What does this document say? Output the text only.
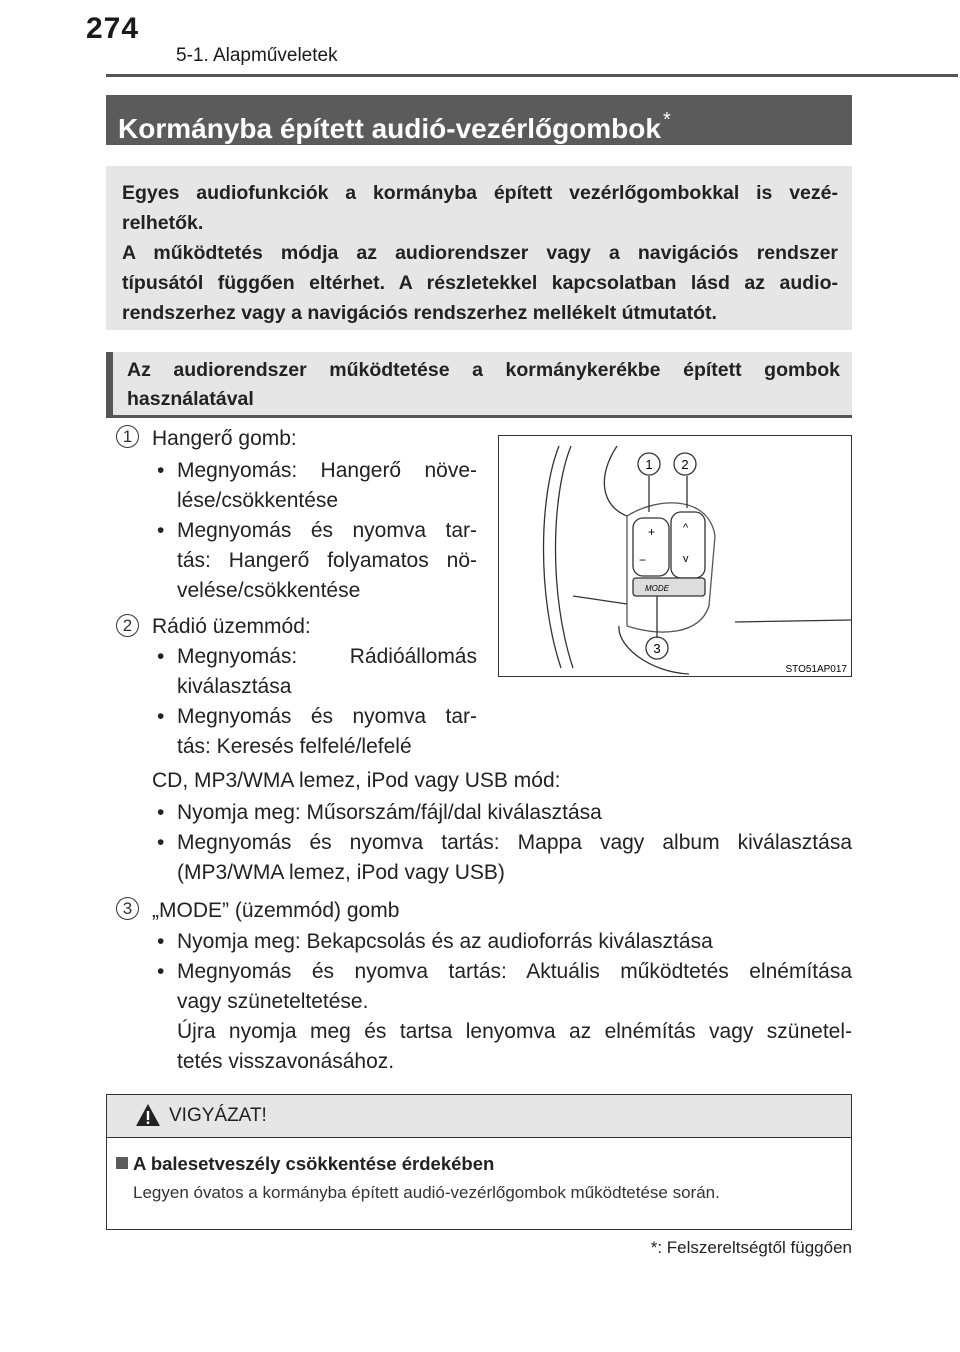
274
5-1. Alapműveletek
Kormányba épített audió-vezérlőgombok *
Egyes audiofunkciók a kormányba épített vezérlőgombokkal is vezé-
relhetők.
A működtetés módja az audiorendszer vagy a navigációs rendszer
típusától függően eltérhet. A részletekkel kapcsolatban lásd az audio-
rendszerhez vagy a navigációs rendszerhez mellékelt útmutatót.
Az audiorendszer működtetése a kormánykerékbe épített gombok
használatával
1 Hangerő gomb:
• Megnyomás: Hangerő növe-
lése/csökkentése
• Megnyomás és nyomva tar-
tás: Hangerő folyamatos nö-
velése/csökkentése
2 Rádió üzemmód:
• Megnyomás: Rádióállomás
kiválasztása
• Megnyomás és nyomva tar-
tás: Keresés felfelé/lefelé
CD, MP3/WMA lemez, iPod vagy USB mód:
• Nyomja meg: Műsorszám/fájl/dal kiválasztása
• Megnyomás és nyomva tartás: Mappa vagy album kiválasztása
(MP3/WMA lemez, iPod vagy USB)
3 „MODE” (üzemmód) gomb
• Nyomja meg: Bekapcsolás és az audioforrás kiválasztása
• Megnyomás és nyomva tartás: Aktuális működtetés elnémítása
vagy szüneteltetése.
Újra nyomja meg és tartsa lenyomva az elnémítás vagy szünetel-
tetés visszavonásához.
+
−
^
v
MODE
1 2
3
STO51AP017
VIGYÁZAT!
A balesetveszély csökkentése érdekében
Legyen óvatos a kormányba épített audió-vezérlőgombok működtetése során.
*: Felszereltségtől függően
